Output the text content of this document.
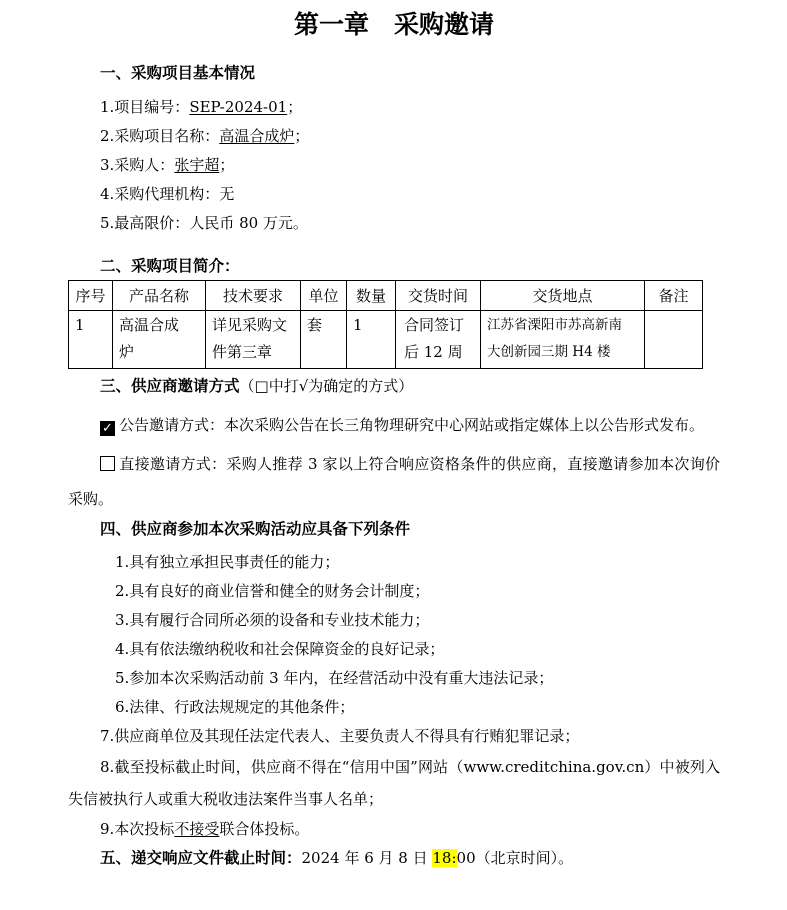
第一章　采购邀请
一、采购项目基本情况

1.项目编号：SEP-2024-01；

2.采购项目名称：高温合成炉；

3.采购人：张宇超；

4.采购代理机构：无

5.最高限价：人民币 80 万元。

二、采购项目简介：
序号	产品名称	技术要求	单位	数量	交货时间	交货地点	备注
1	高温合成炉	详见采购文件第三章	套	1	合同签订后 12 周	江苏省溧阳市苏高新南大创新园三期 H4 楼	
三、供应商邀请方式（□中打√为确定的方式）

✓ 公告邀请方式：本次采购公告在长三角物理研究中心网站或指定媒体上以公告形式发布。

直接邀请方式：采购人推荐 3 家以上符合响应资格条件的供应商，直接邀请参加本次询价采购。

四、供应商参加本次采购活动应具备下列条件

1.具有独立承担民事责任的能力；

2.具有良好的商业信誉和健全的财务会计制度；

3.具有履行合同所必须的设备和专业技术能力；

4.具有依法缴纳税收和社会保障资金的良好记录；

5.参加本次采购活动前 3 年内，在经营活动中没有重大违法记录；

6.法律、行政法规规定的其他条件；

7.供应商单位及其现任法定代表人、主要负责人不得具有行贿犯罪记录；

8.截至投标截止时间，供应商不得在“信用中国”网站（www.creditchina.gov.cn）中被列入失信被执行人或重大税收违法案件当事人名单；

9.本次投标不接受联合体投标。

五、递交响应文件截止时间：2024 年 6 月 8 日 18:00（北京时间）。
